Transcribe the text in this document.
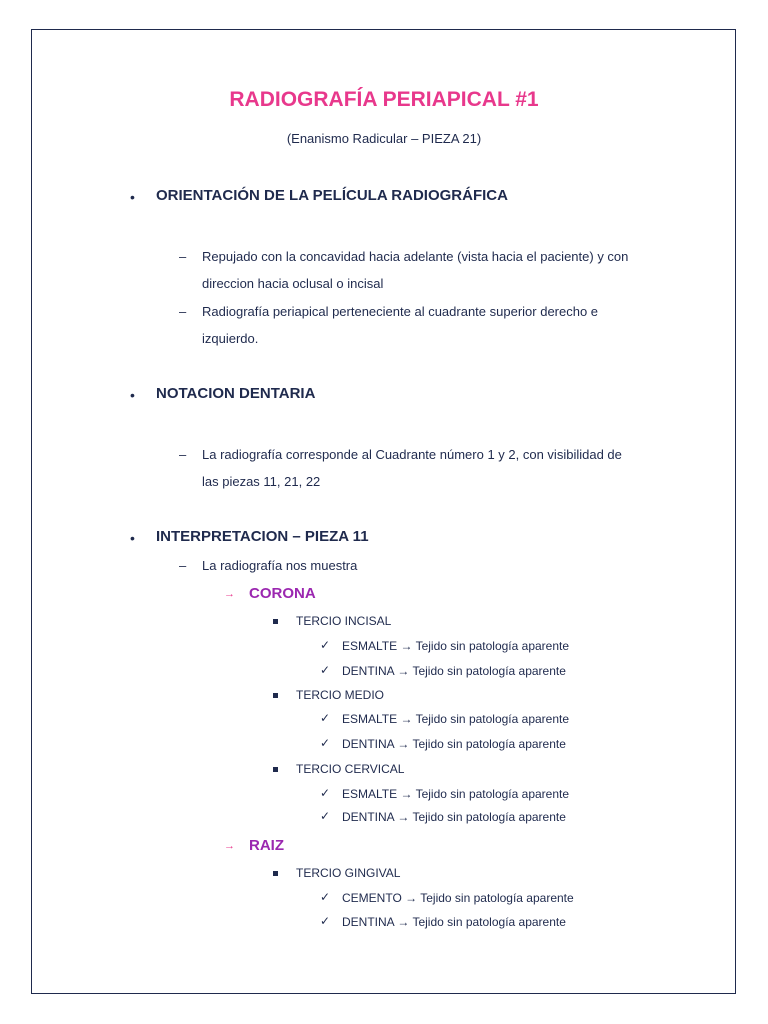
RADIOGRAFÍA PERIAPICAL #1
(Enanismo Radicular – PIEZA 21)
• ORIENTACIÓN DE LA PELÍCULA RADIOGRÁFICA
– Repujado con la concavidad hacia adelante (vista hacia el paciente) y con
direccion hacia oclusal o incisal
– Radiografía periapical perteneciente al cuadrante superior derecho e
izquierdo.
• NOTACION DENTARIA
– La radiografía corresponde al Cuadrante número 1 y 2, con visibilidad de
las piezas 11, 21, 22
• INTERPRETACION – PIEZA 11
– La radiografía nos muestra
→ CORONA
TERCIO INCISAL
✓ ESMALTE → Tejido sin patología aparente
✓ DENTINA → Tejido sin patología aparente
TERCIO MEDIO
✓ ESMALTE → Tejido sin patología aparente
✓ DENTINA → Tejido sin patología aparente
TERCIO CERVICAL
✓ ESMALTE → Tejido sin patología aparente
✓ DENTINA → Tejido sin patología aparente
→ RAIZ
TERCIO GINGIVAL
✓ CEMENTO → Tejido sin patología aparente
✓ DENTINA → Tejido sin patología aparente
